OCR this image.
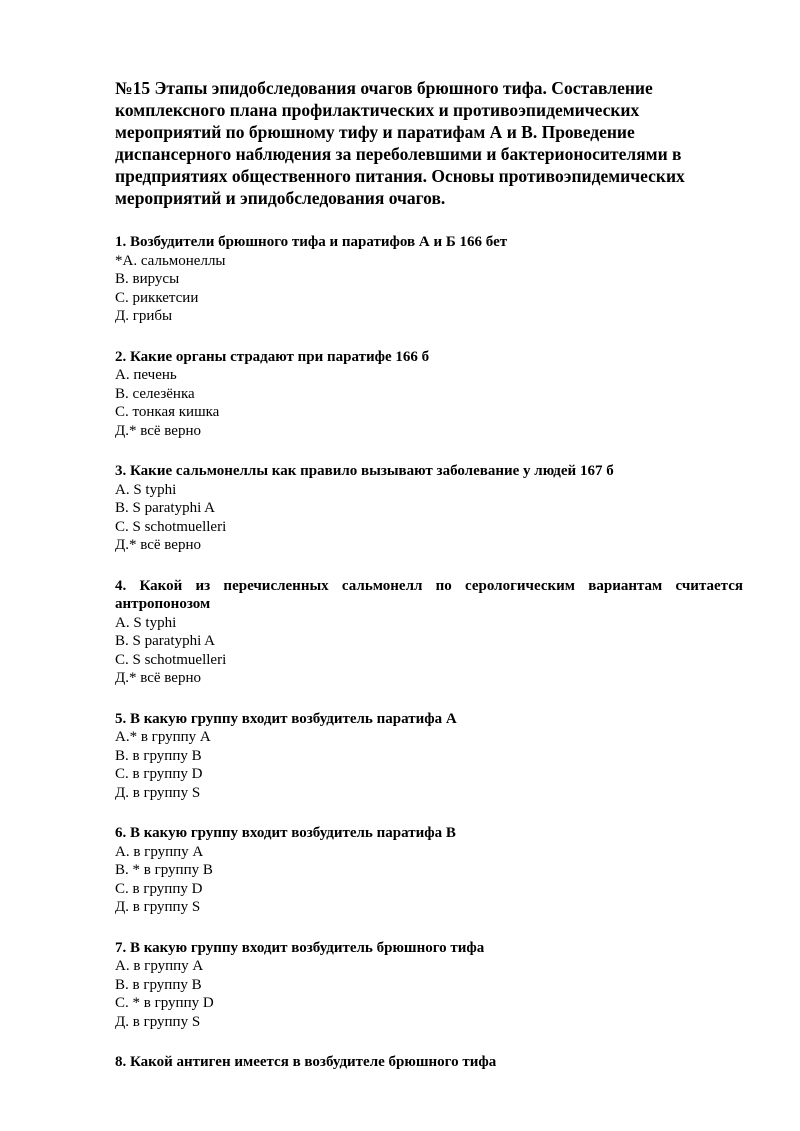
№15 Этапы эпидобследования очагов брюшного тифа. Составление комплексного плана профилактических и противоэпидемических мероприятий по брюшному тифу и паратифам А и В. Проведение диспансерного наблюдения за переболевшими и бактерионосителями в предприятиях общественного питания. Основы противоэпидемических мероприятий и эпидобследования очагов.

1. Возбудители брюшного тифа и паратифов А и Б 166 бет

*А. сальмонеллы

В. вирусы

С. риккетсии

Д. грибы

2. Какие органы страдают при паратифе 166 б

А. печень

В. селезёнка

С. тонкая кишка

Д.* всё верно

3. Какие сальмонеллы как правило вызывают заболевание у людей 167 б

А. S typhi

В. S paratyphi A

С. S schotmuelleri

Д.* всё верно

4. Какой из перечисленных сальмонелл по серологическим вариантам считается антропонозом

А. S typhi

В. S paratyphi A

С. S schotmuelleri

Д.* всё верно

5. В какую группу входит возбудитель паратифа А

А.* в группу А

В. в группу В

С. в группу D

Д. в группу S

6. В какую группу входит возбудитель паратифа В

А. в группу А

В. * в группу В

С. в группу D

Д. в группу S

7. В какую группу входит возбудитель брюшного тифа

А. в группу А

В. в группу В

С. * в группу D

Д. в группу S

8. Какой антиген имеется в возбудителе брюшного тифа
